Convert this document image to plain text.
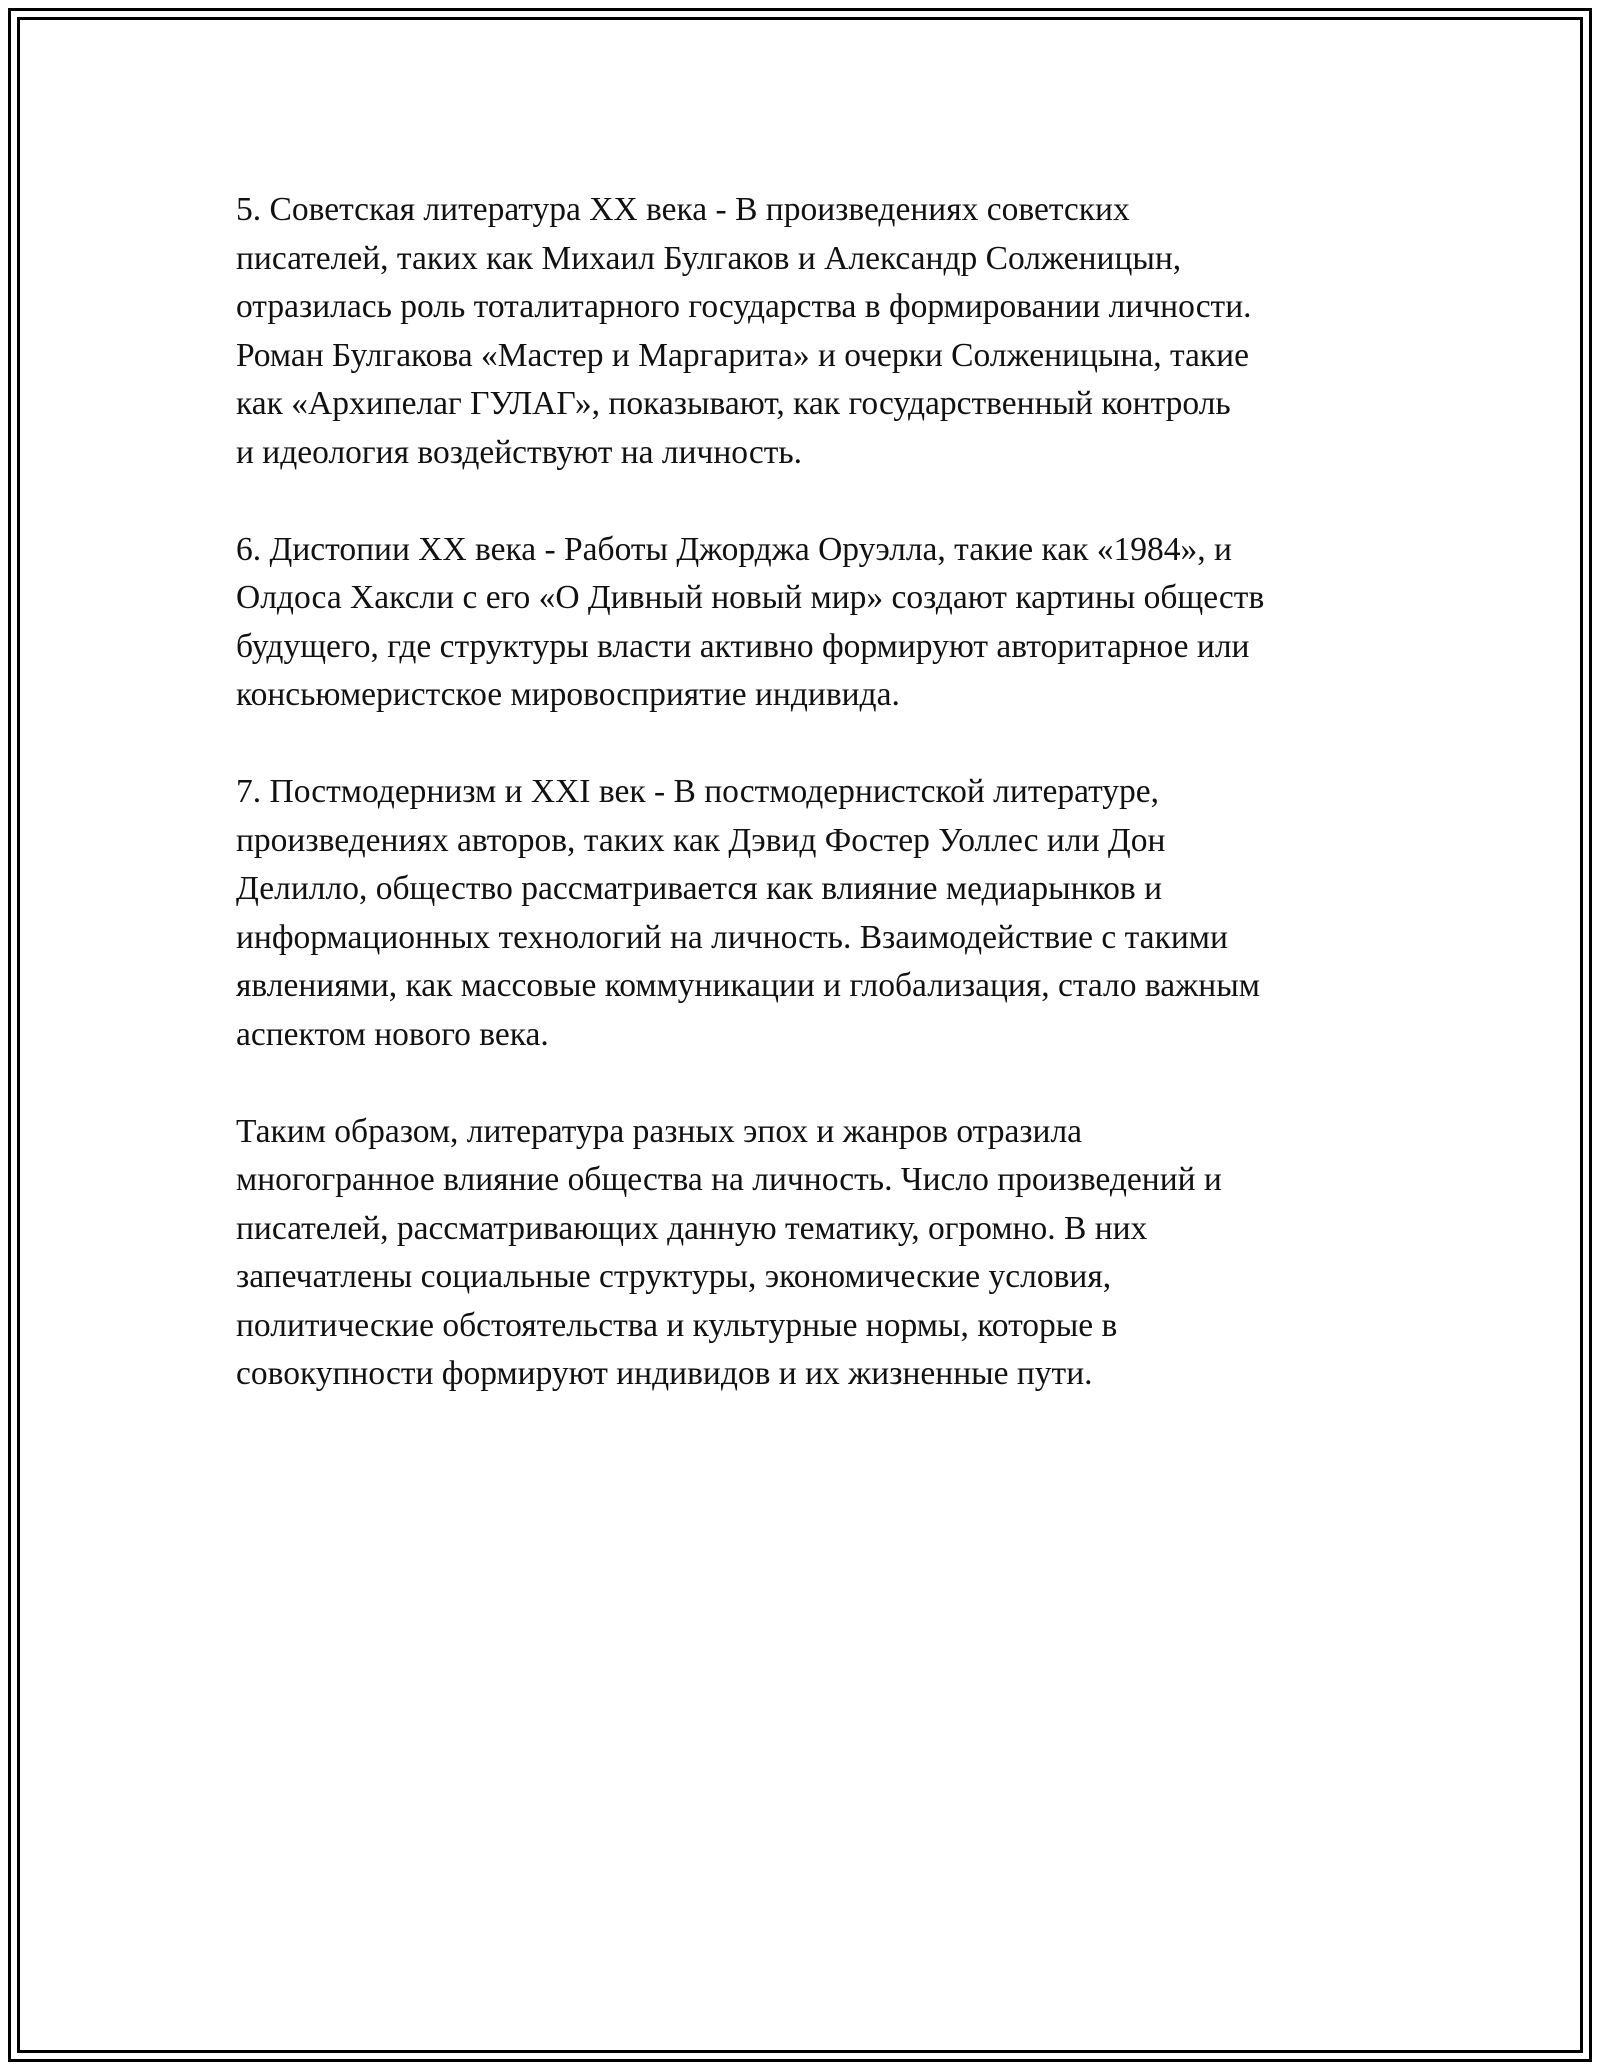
5. Советская литература XX века - В произведениях советских
писателей, таких как Михаил Булгаков и Александр Солженицын,
отразилась роль тоталитарного государства в формировании личности.
Роман Булгакова «Мастер и Маргарита» и очерки Солженицына, такие
как «Архипелаг ГУЛАГ», показывают, как государственный контроль
и идеология воздействуют на личность.
6. Дистопии XX века - Работы Джорджа Оруэлла, такие как «1984», и
Олдоса Хаксли с его «О Дивный новый мир» создают картины обществ
будущего, где структуры власти активно формируют авторитарное или
консьюмеристское мировосприятие индивида.
7. Постмодернизм и XXI век - В постмодернистской литературе,
произведениях авторов, таких как Дэвид Фостер Уоллес или Дон
Делилло, общество рассматривается как влияние медиарынков и
информационных технологий на личность. Взаимодействие с такими
явлениями, как массовые коммуникации и глобализация, стало важным
аспектом нового века.
Таким образом, литература разных эпох и жанров отразила
многогранное влияние общества на личность. Число произведений и
писателей, рассматривающих данную тематику, огромно. В них
запечатлены социальные структуры, экономические условия,
политические обстоятельства и культурные нормы, которые в
совокупности формируют индивидов и их жизненные пути.
